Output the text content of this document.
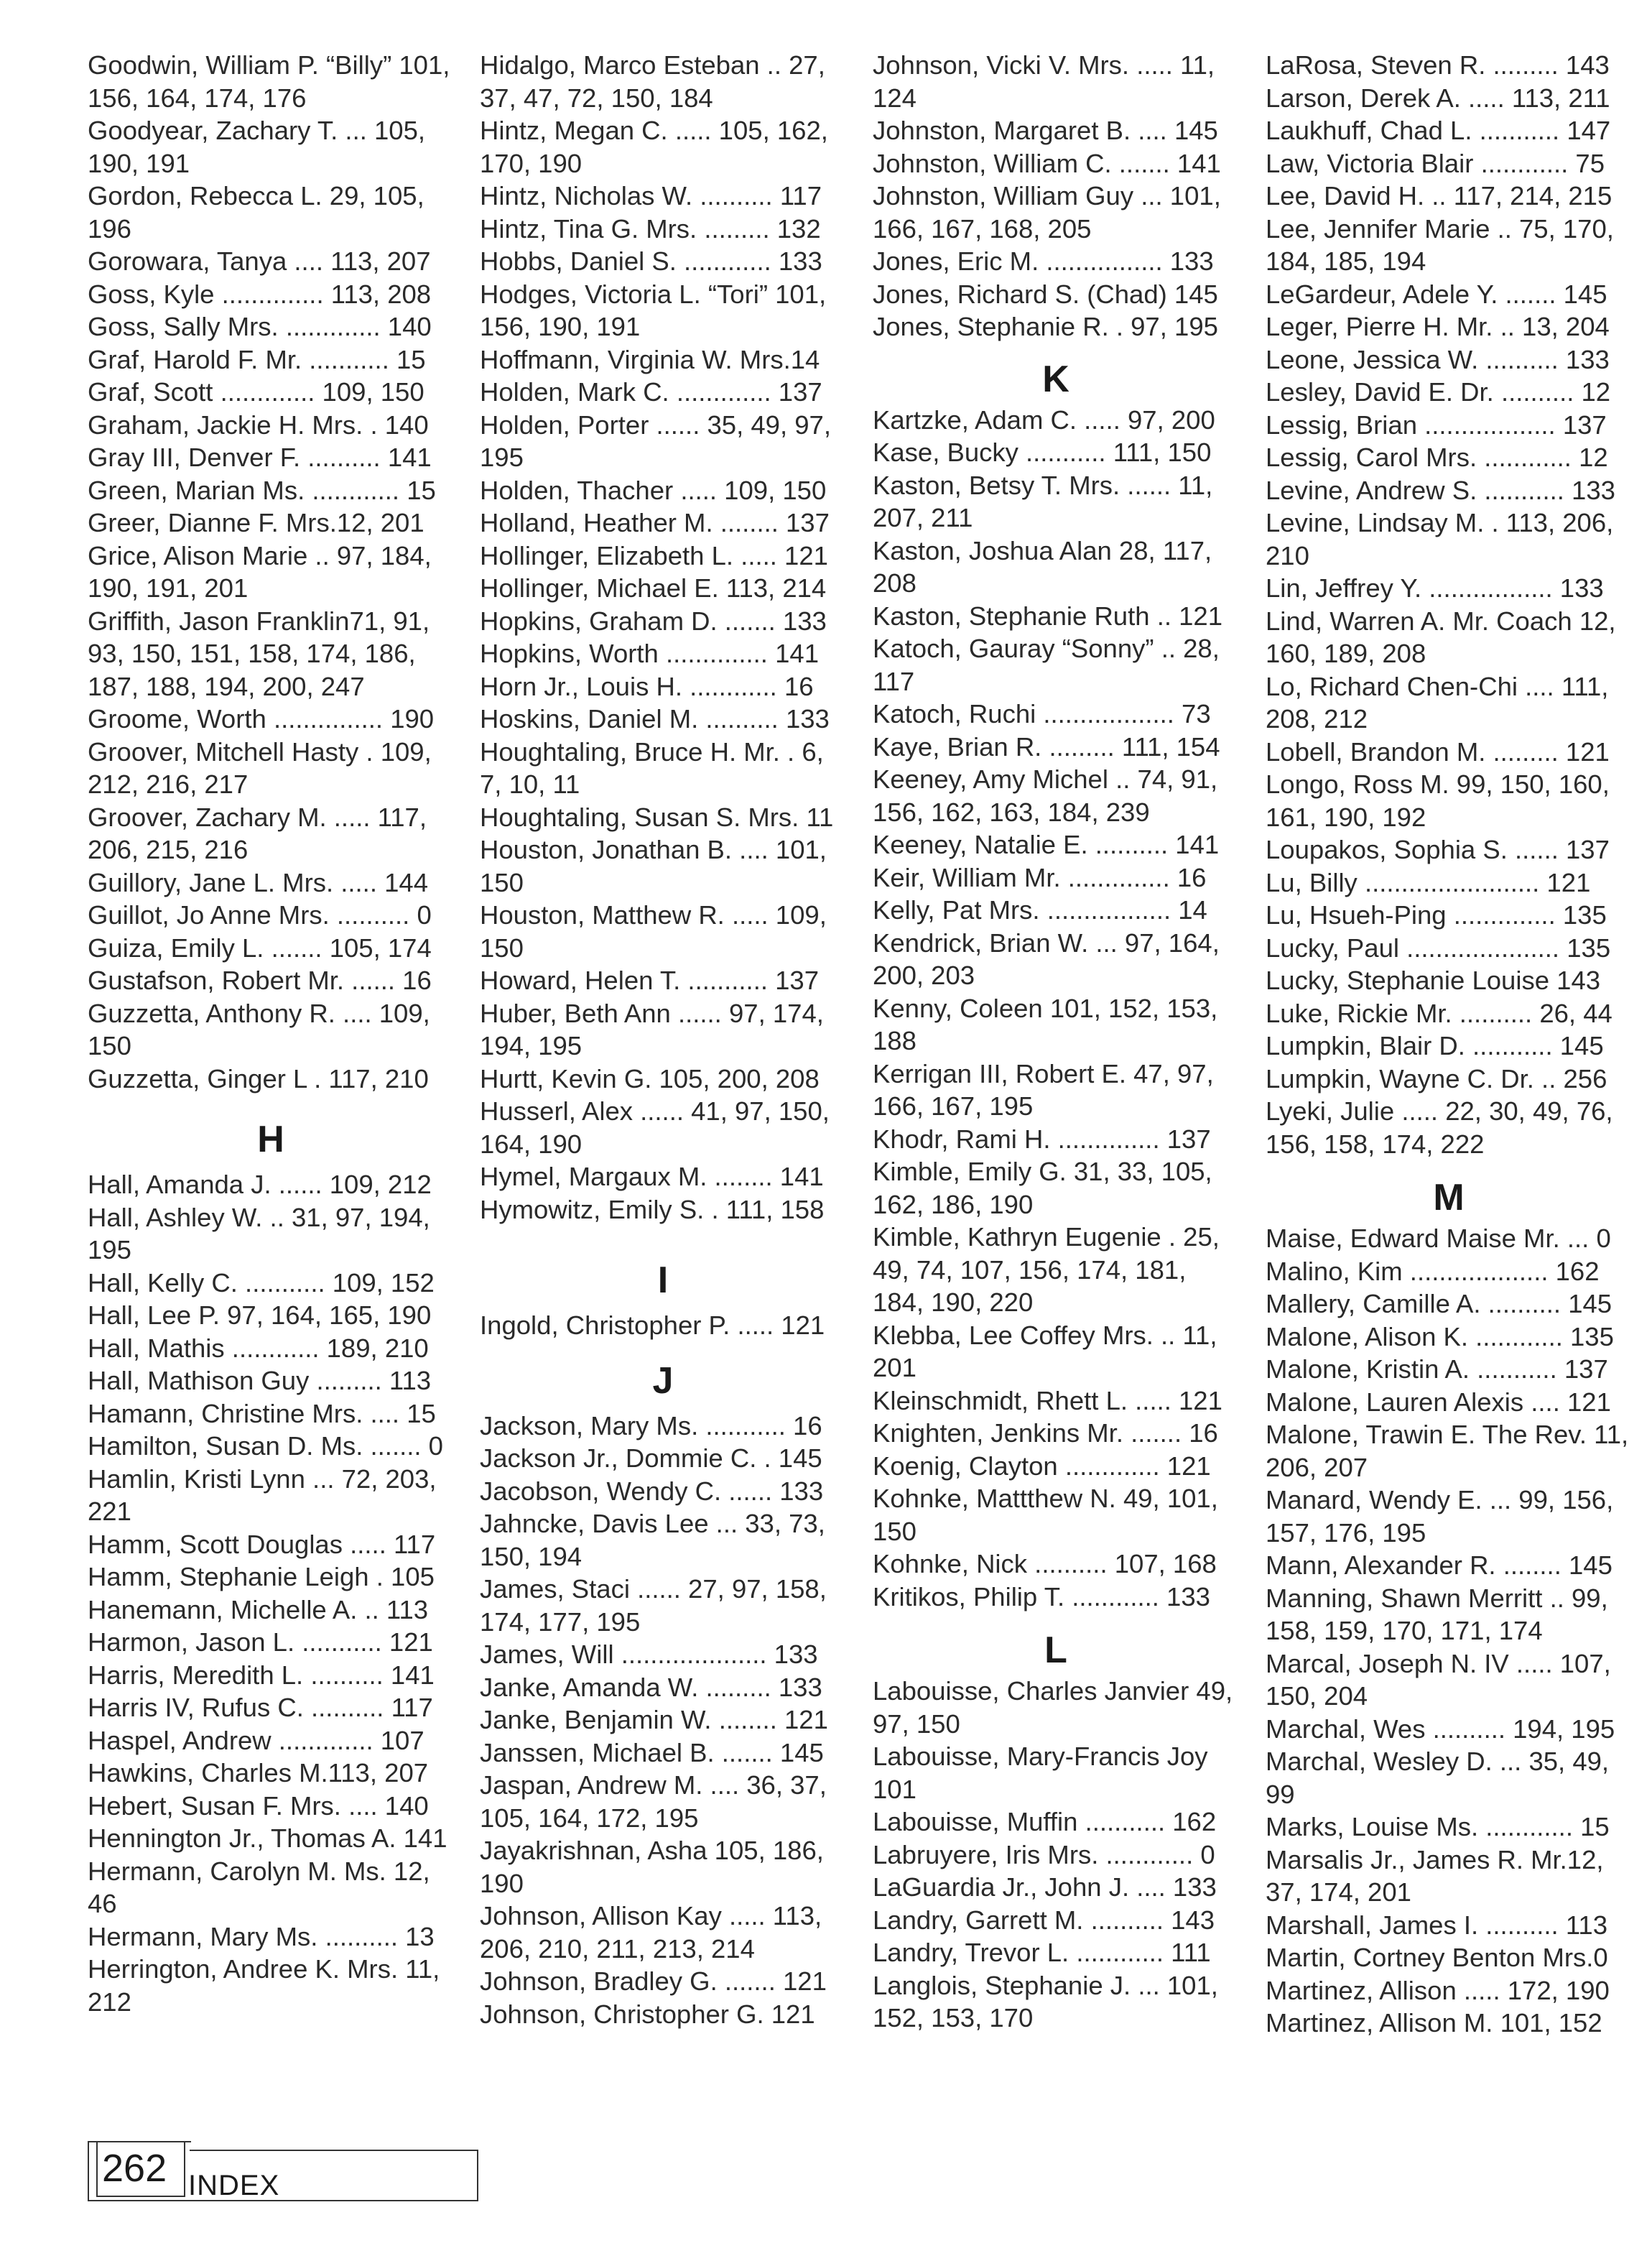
Goodwin, William P. “Billy” 101, 156, 164, 174, 176

Goodyear, Zachary T. ... 105, 190, 191

Gordon, Rebecca L. 29, 105, 196

Gorowara, Tanya .... 113, 207

Goss, Kyle .............. 113, 208

Goss, Sally Mrs. ............. 140

Graf, Harold F. Mr. ........... 15

Graf, Scott ............. 109, 150

Graham, Jackie H. Mrs. . 140

Gray III, Denver F. .......... 141

Green, Marian Ms. ............ 15

Greer, Dianne F. Mrs.12, 201

Grice, Alison Marie .. 97, 184, 190, 191, 201

Griffith, Jason Franklin71, 91, 93, 150, 151, 158, 174, 186, 187, 188, 194, 200, 247

Groome, Worth ............... 190

Groover, Mitchell Hasty . 109, 212, 216, 217

Groover, Zachary M. ..... 117, 206, 215, 216

Guillory, Jane L. Mrs. ..... 144

Guillot, Jo Anne Mrs. .......... 0

Guiza, Emily L. ....... 105, 174

Gustafson, Robert Mr. ...... 16

Guzzetta, Anthony R. .... 109, 150

Guzzetta, Ginger L . 117, 210

H

Hall, Amanda J. ...... 109, 212

Hall, Ashley W. .. 31, 97, 194, 195

Hall, Kelly C. ........... 109, 152

Hall, Lee P. 97, 164, 165, 190

Hall, Mathis ............ 189, 210

Hall, Mathison Guy ......... 113

Hamann, Christine Mrs. .... 15

Hamilton, Susan D. Ms. ....... 0

Hamlin, Kristi Lynn ... 72, 203, 221

Hamm, Scott Douglas ..... 117

Hamm, Stephanie Leigh . 105

Hanemann, Michelle A. .. 113

Harmon, Jason L. ........... 121

Harris, Meredith L. .......... 141

Harris IV, Rufus C. .......... 117

Haspel, Andrew ............. 107

Hawkins, Charles M.113, 207

Hebert, Susan F. Mrs. .... 140

Hennington Jr., Thomas A. 141

Hermann, Carolyn M. Ms. 12, 46

Hermann, Mary Ms. .......... 13

Herrington, Andree K. Mrs. 11, 212

Hidalgo, Marco Esteban .. 27, 37, 47, 72, 150, 184

Hintz, Megan C. ..... 105, 162, 170, 190

Hintz, Nicholas W. .......... 117

Hintz, Tina G. Mrs. ......... 132

Hobbs, Daniel S. ............ 133

Hodges, Victoria L. “Tori” 101, 156, 190, 191

Hoffmann, Virginia W. Mrs.14

Holden, Mark C. ............. 137

Holden, Porter ...... 35, 49, 97, 195

Holden, Thacher ..... 109, 150

Holland, Heather M. ........ 137

Hollinger, Elizabeth L. ..... 121

Hollinger, Michael E. 113, 214

Hopkins, Graham D. ....... 133

Hopkins, Worth .............. 141

Horn Jr., Louis H. ............ 16

Hoskins, Daniel M. .......... 133

Houghtaling, Bruce H. Mr. . 6, 7, 10, 11

Houghtaling, Susan S. Mrs. 11

Houston, Jonathan B. .... 101, 150

Houston, Matthew R. ..... 109, 150

Howard, Helen T. ........... 137

Huber, Beth Ann ...... 97, 174, 194, 195

Hurtt, Kevin G. 105, 200, 208

Husserl, Alex ...... 41, 97, 150, 164, 190

Hymel, Margaux M. ........ 141

Hymowitz, Emily S. . 111, 158

I

Ingold, Christopher P. ..... 121

J

Jackson, Mary Ms. ........... 16

Jackson Jr., Dommie C. . 145

Jacobson, Wendy C. ...... 133

Jahncke, Davis Lee ... 33, 73, 150, 194

James, Staci ...... 27, 97, 158, 174, 177, 195

James, Will .................... 133

Janke, Amanda W. ......... 133

Janke, Benjamin W. ........ 121

Janssen, Michael B. ....... 145

Jaspan, Andrew M. .... 36, 37, 105, 164, 172, 195

Jayakrishnan, Asha 105, 186, 190

Johnson, Allison Kay ..... 113, 206, 210, 211, 213, 214

Johnson, Bradley G. ....... 121

Johnson, Christopher G. 121

Johnson, Vicki V. Mrs. ..... 11, 124

Johnston, Margaret B. .... 145

Johnston, William C. ....... 141

Johnston, William Guy ... 101, 166, 167, 168, 205

Jones, Eric M. ................ 133

Jones, Richard S. (Chad) 145

Jones, Stephanie R. . 97, 195

K

Kartzke, Adam C. ..... 97, 200

Kase, Bucky ........... 111, 150

Kaston, Betsy T. Mrs. ...... 11, 207, 211

Kaston, Joshua Alan 28, 117, 208

Kaston, Stephanie Ruth .. 121

Katoch, Gauray “Sonny” .. 28, 117

Katoch, Ruchi .................. 73

Kaye, Brian R. ......... 111, 154

Keeney, Amy Michel .. 74, 91, 156, 162, 163, 184, 239

Keeney, Natalie E. .......... 141

Keir, William Mr. .............. 16

Kelly, Pat Mrs. ................. 14

Kendrick, Brian W. ... 97, 164, 200, 203

Kenny, Coleen 101, 152, 153, 188

Kerrigan III, Robert E. 47, 97, 166, 167, 195

Khodr, Rami H. .............. 137

Kimble, Emily G. 31, 33, 105, 162, 186, 190

Kimble, Kathryn Eugenie . 25, 49, 74, 107, 156, 174, 181, 184, 190, 220

Klebba, Lee Coffey Mrs. .. 11, 201

Kleinschmidt, Rhett L. ..... 121

Knighten, Jenkins Mr. ....... 16

Koenig, Clayton ............. 121

Kohnke, Mattthew N. 49, 101, 150

Kohnke, Nick .......... 107, 168

Kritikos, Philip T. ............ 133

L

Labouisse, Charles Janvier 49, 97, 150

Labouisse, Mary-Francis Joy 101

Labouisse, Muffin ........... 162

Labruyere, Iris Mrs. ............ 0

LaGuardia Jr., John J. .... 133

Landry, Garrett M. .......... 143

Landry, Trevor L. ............ 111

Langlois, Stephanie J. ... 101, 152, 153, 170

LaRosa, Steven R. ......... 143

Larson, Derek A. ..... 113, 211

Laukhuff, Chad L. ........... 147

Law, Victoria Blair ............ 75

Lee, David H. .. 117, 214, 215

Lee, Jennifer Marie .. 75, 170, 184, 185, 194

LeGardeur, Adele Y. ....... 145

Leger, Pierre H. Mr. .. 13, 204

Leone, Jessica W. .......... 133

Lesley, David E. Dr. .......... 12

Lessig, Brian .................. 137

Lessig, Carol Mrs. ............ 12

Levine, Andrew S. ........... 133

Levine, Lindsay M. . 113, 206, 210

Lin, Jeffrey Y. ................. 133

Lind, Warren A. Mr. Coach 12, 160, 189, 208

Lo, Richard Chen-Chi .... 111, 208, 212

Lobell, Brandon M. ......... 121

Longo, Ross M. 99, 150, 160, 161, 190, 192

Loupakos, Sophia S. ...... 137

Lu, Billy ........................ 121

Lu, Hsueh-Ping .............. 135

Lucky, Paul ..................... 135

Lucky, Stephanie Louise 143

Luke, Rickie Mr. .......... 26, 44

Lumpkin, Blair D. ........... 145

Lumpkin, Wayne C. Dr. .. 256

Lyeki, Julie ..... 22, 30, 49, 76, 156, 158, 174, 222

M

Maise, Edward Maise Mr. ... 0

Malino, Kim ................... 162

Mallery, Camille A. .......... 145

Malone, Alison K. ............ 135

Malone, Kristin A. ........... 137

Malone, Lauren Alexis .... 121

Malone, Trawin E. The Rev. 11, 206, 207

Manard, Wendy E. ... 99, 156, 157, 176, 195

Mann, Alexander R. ........ 145

Manning, Shawn Merritt .. 99, 158, 159, 170, 171, 174

Marcal, Joseph N. IV ..... 107, 150, 204

Marchal, Wes .......... 194, 195

Marchal, Wesley D. ... 35, 49, 99

Marks, Louise Ms. ............ 15

Marsalis Jr., James R. Mr.12, 37, 174, 201

Marshall, James I. .......... 113

Martin, Cortney Benton Mrs.0

Martinez, Allison ..... 172, 190

Martinez, Allison M. 101, 152

262 INDEX
